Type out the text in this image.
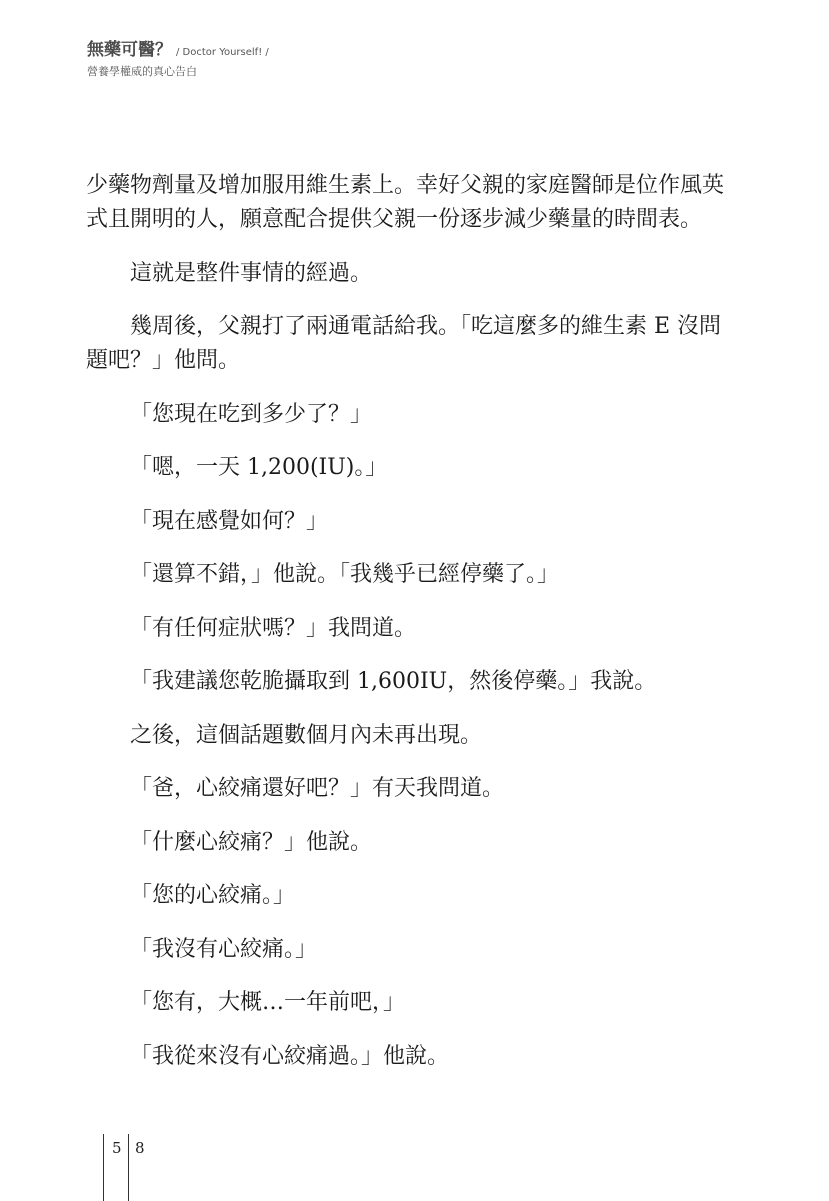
無藥可醫？ / Doctor Yourself! /
營養學權威的真心告白

少藥物劑量及增加服用維生素上。幸好父親的家庭醫師是位作風英
式且開明的人，願意配合提供父親一份逐步減少藥量的時間表。

這就是整件事情的經過。

幾周後，父親打了兩通電話給我。「吃這麼多的維生素 E 沒問
題吧？」他問。

「您現在吃到多少了？」

「嗯，一天 1,200(IU)。」

「現在感覺如何？」

「還算不錯，」他說。「我幾乎已經停藥了。」

「有任何症狀嗎？」我問道。

「我建議您乾脆攝取到 1,600IU，然後停藥。」我說。

之後，這個話題數個月內未再出現。

「爸，心絞痛還好吧？」有天我問道。

「什麼心絞痛？」他說。

「您的心絞痛。」

「我沒有心絞痛。」

「您有，大概…一年前吧，」

「我從來沒有心絞痛過。」他說。

5 8
